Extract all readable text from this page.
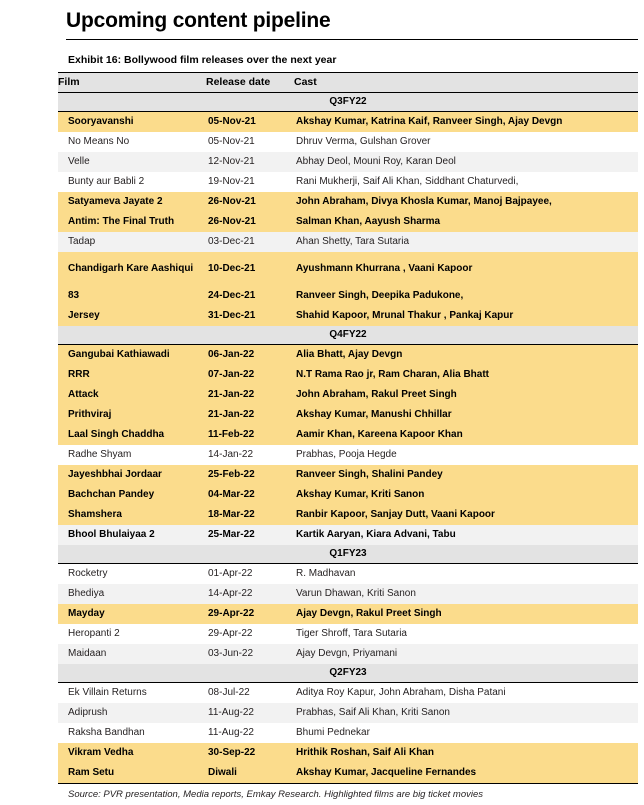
Upcoming content pipeline
Exhibit 16: Bollywood film releases over the next year
Film	Release date	Cast
Q3FY22		
Sooryavanshi	05-Nov-21	Akshay Kumar, Katrina Kaif, Ranveer Singh, Ajay Devgn
No Means No	05-Nov-21	Dhruv Verma, Gulshan Grover
Velle	12-Nov-21	Abhay Deol, Mouni Roy, Karan Deol
Bunty aur Babli 2	19-Nov-21	Rani Mukherji, Saif Ali Khan, Siddhant Chaturvedi,
Satyameva Jayate 2	26-Nov-21	John Abraham, Divya Khosla Kumar, Manoj Bajpayee,
Antim: The Final Truth	26-Nov-21	Salman Khan, Aayush Sharma
Tadap	03-Dec-21	Ahan Shetty, Tara Sutaria
Chandigarh Kare Aashiqui	10-Dec-21	Ayushmann Khurrana , Vaani Kapoor
83	24-Dec-21	Ranveer Singh, Deepika Padukone,
Jersey	31-Dec-21	Shahid Kapoor, Mrunal Thakur , Pankaj Kapur
Q4FY22		
Gangubai Kathiawadi	06-Jan-22	Alia Bhatt, Ajay Devgn
RRR	07-Jan-22	N.T Rama Rao jr, Ram Charan, Alia Bhatt
Attack	21-Jan-22	John Abraham, Rakul Preet Singh
Prithviraj	21-Jan-22	Akshay Kumar, Manushi Chhillar
Laal Singh Chaddha	11-Feb-22	Aamir Khan, Kareena Kapoor Khan
Radhe Shyam	14-Jan-22	Prabhas, Pooja Hegde
Jayeshbhai Jordaar	25-Feb-22	Ranveer Singh, Shalini Pandey
Bachchan Pandey	04-Mar-22	Akshay Kumar, Kriti Sanon
Shamshera	18-Mar-22	Ranbir Kapoor, Sanjay Dutt, Vaani Kapoor
Bhool Bhulaiyaa 2	25-Mar-22	Kartik Aaryan, Kiara Advani, Tabu
Q1FY23		
Rocketry	01-Apr-22	R. Madhavan
Bhediya	14-Apr-22	Varun Dhawan, Kriti Sanon
Mayday	29-Apr-22	Ajay Devgn, Rakul Preet Singh
Heropanti 2	29-Apr-22	Tiger Shroff, Tara Sutaria
Maidaan	03-Jun-22	Ajay Devgn, Priyamani
Q2FY23		
Ek Villain Returns	08-Jul-22	Aditya Roy Kapur, John Abraham, Disha Patani
Adiprush	11-Aug-22	Prabhas, Saif Ali Khan, Kriti Sanon
Raksha Bandhan	11-Aug-22	Bhumi Pednekar
Vikram Vedha	30-Sep-22	Hrithik Roshan, Saif Ali Khan
Ram Setu	Diwali	Akshay Kumar, Jacqueline Fernandes
Source: PVR presentation, Media reports, Emkay Research. Highlighted films are big ticket movies
